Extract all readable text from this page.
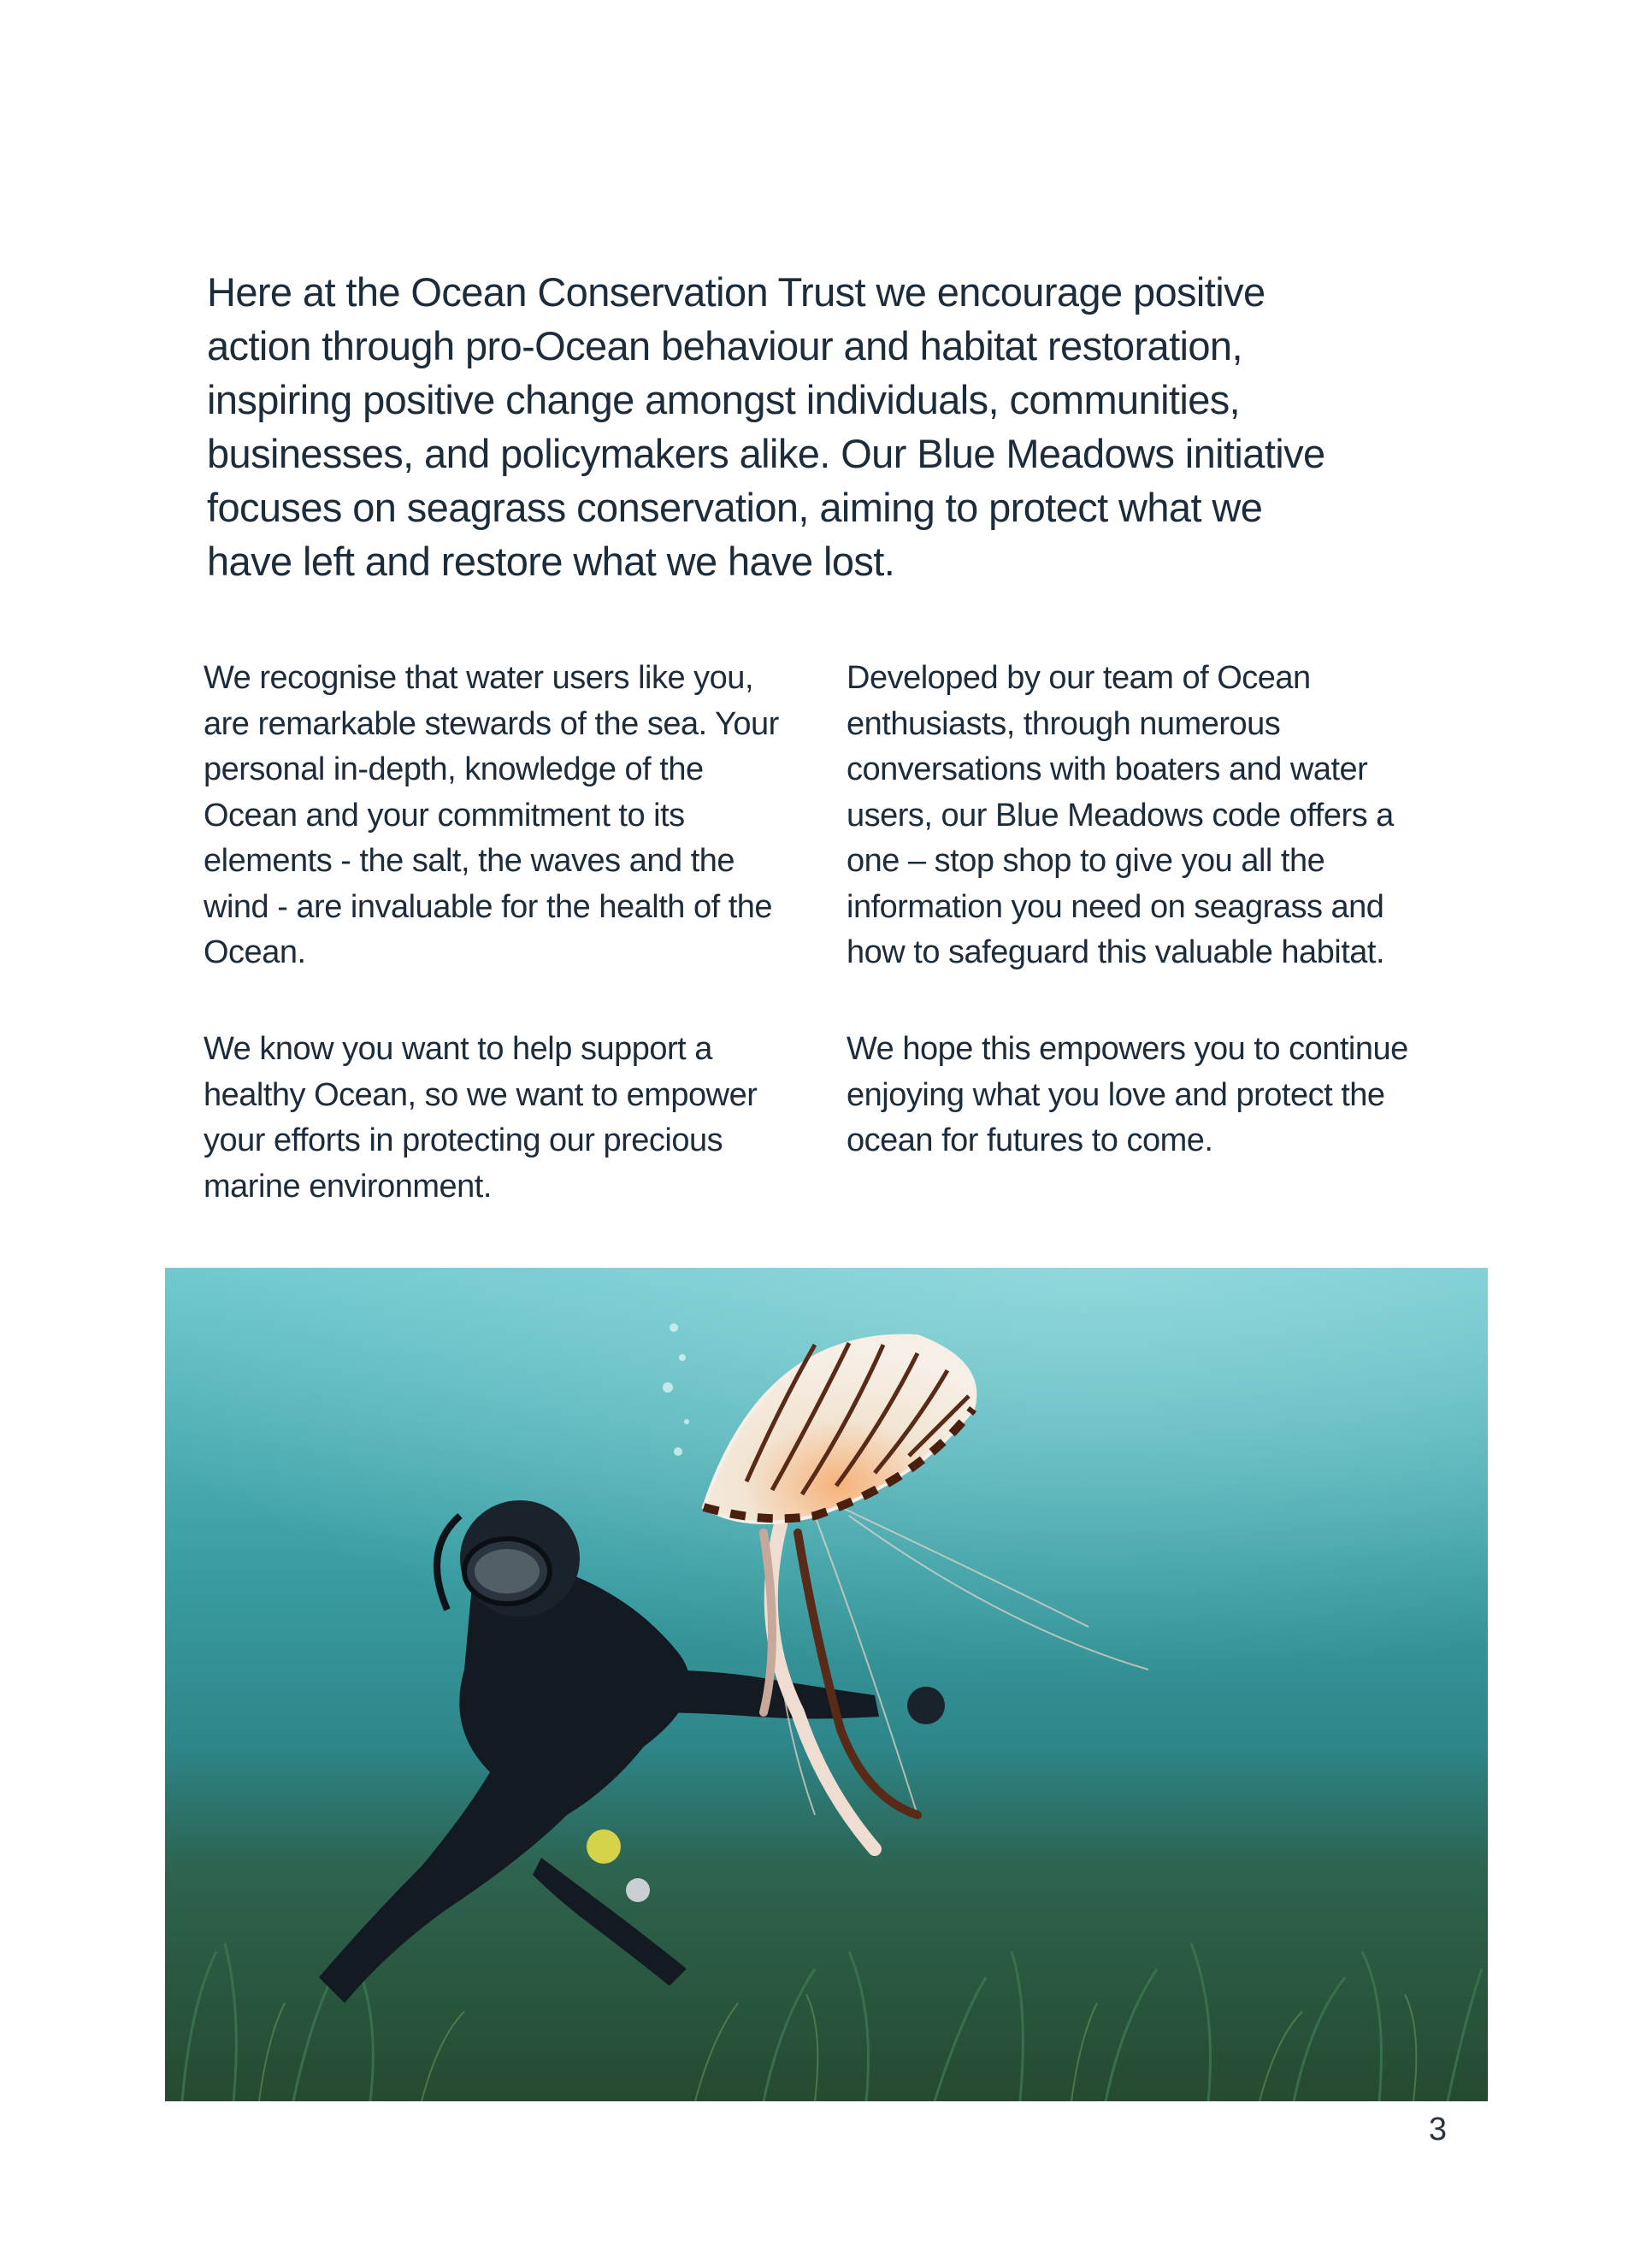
Here at the Ocean Conservation Trust we encourage positive
action through pro-Ocean behaviour and habitat restoration,
inspiring positive change amongst individuals, communities,
businesses, and policymakers alike. Our Blue Meadows initiative
focuses on seagrass conservation, aiming to protect what we
have left and restore what we have lost.

We recognise that water users like you,
are remarkable stewards of the sea. Your
personal in-depth, knowledge of the
Ocean and your commitment to its
elements - the salt, the waves and the
wind - are invaluable for the health of the
Ocean.

Developed by our team of Ocean
enthusiasts, through numerous
conversations with boaters and water
users, our Blue Meadows code offers a
one – stop shop to give you all the
information you need on seagrass and
how to safeguard this valuable habitat.

We know you want to help support a
healthy Ocean, so we want to empower
your efforts in protecting our precious
marine environment.

We hope this empowers you to continue
enjoying what you love and protect the
ocean for futures to come.

3
